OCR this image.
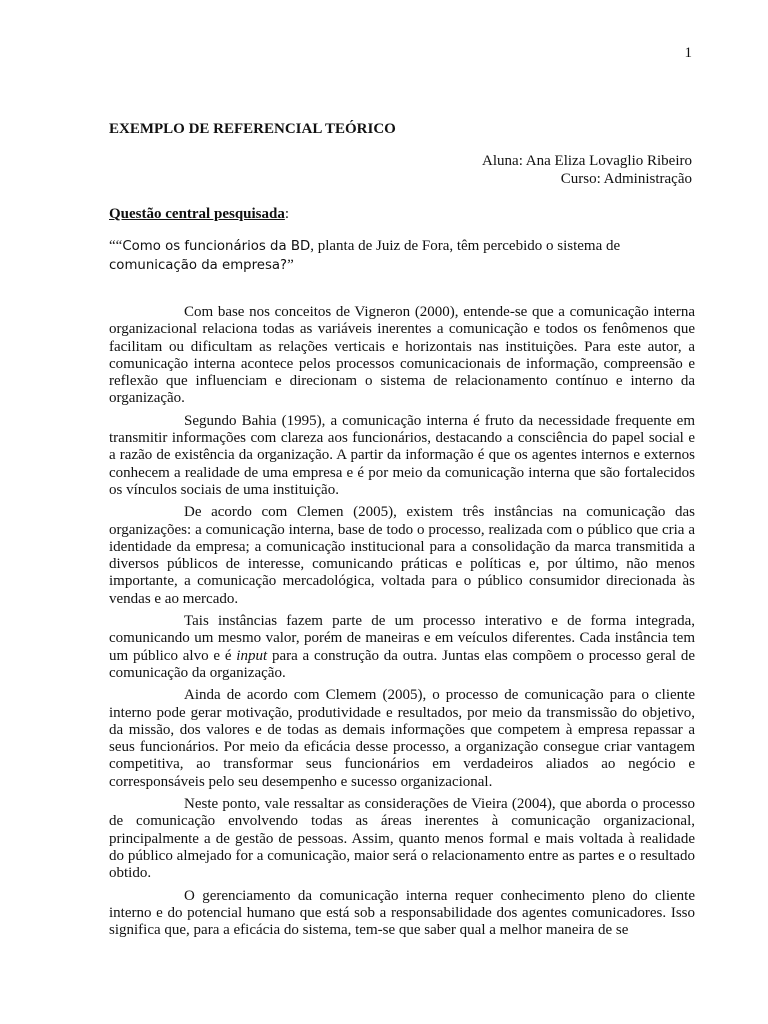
1
EXEMPLO DE REFERENCIAL TEÓRICO
Aluna: Ana Eliza Lovaglio Ribeiro
Curso: Administração
Questão central pesquisada:

““Como os funcionários da BD, planta de Juiz de Fora, têm percebido o sistema de
comunicação da empresa?”

Com base nos conceitos de Vigneron (2000), entende-se que a comunicação interna organizacional relaciona todas as variáveis inerentes a comunicação e todos os fenômenos que facilitam ou dificultam as relações verticais e horizontais nas instituições. Para este autor, a comunicação interna acontece pelos processos comunicacionais de informação, compreensão e reflexão que influenciam e direcionam o sistema de relacionamento contínuo e interno da organização.

Segundo Bahia (1995), a comunicação interna é fruto da necessidade frequente em transmitir informações com clareza aos funcionários, destacando a consciência do papel social e a razão de existência da organização. A partir da informação é que os agentes internos e externos conhecem a realidade de uma empresa e é por meio da comunicação interna que são fortalecidos os vínculos sociais de uma instituição.

De acordo com Clemen (2005), existem três instâncias na comunicação das organizações: a comunicação interna, base de todo o processo, realizada com o público que cria a identidade da empresa; a comunicação institucional para a consolidação da marca transmitida a diversos públicos de interesse, comunicando práticas e políticas e, por último, não menos importante, a comunicação mercadológica, voltada para o público consumidor direcionada às vendas e ao mercado.

Tais instâncias fazem parte de um processo interativo e de forma integrada, comunicando um mesmo valor, porém de maneiras e em veículos diferentes. Cada instância tem um público alvo e é input para a construção da outra. Juntas elas compõem o processo geral de comunicação da organização.

Ainda de acordo com Clemem (2005), o processo de comunicação para o cliente interno pode gerar motivação, produtividade e resultados, por meio da transmissão do objetivo, da missão, dos valores e de todas as demais informações que competem à empresa repassar a seus funcionários. Por meio da eficácia desse processo, a organização consegue criar vantagem competitiva, ao transformar seus funcionários em verdadeiros aliados ao negócio e corresponsáveis pelo seu desempenho e sucesso organizacional.

Neste ponto, vale ressaltar as considerações de Vieira (2004), que aborda o processo de comunicação envolvendo todas as áreas inerentes à comunicação organizacional, principalmente a de gestão de pessoas. Assim, quanto menos formal e mais voltada à realidade do público almejado for a comunicação, maior será o relacionamento entre as partes e o resultado obtido.

O gerenciamento da comunicação interna requer conhecimento pleno do cliente interno e do potencial humano que está sob a responsabilidade dos agentes comunicadores. Isso significa que, para a eficácia do sistema, tem-se que saber qual a melhor maneira de se
